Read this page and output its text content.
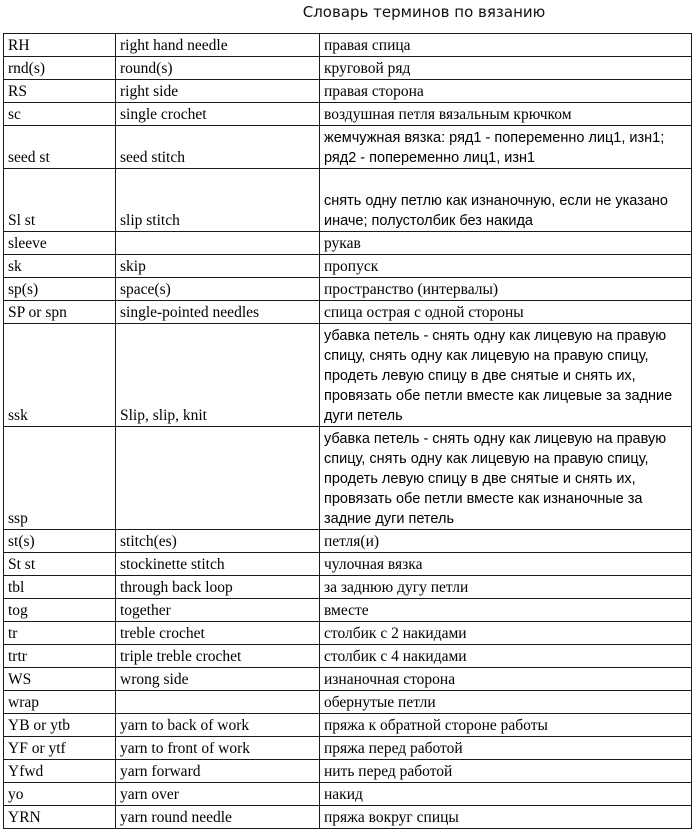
Словарь терминов по вязанию
RH	right hand needle	правая спица
rnd(s)	round(s)	круговой ряд
RS	right side	правая сторона
sc	single crochet	воздушная петля вязальным крючком
seed st	seed stitch	жемчужная вязка: ряд1 - попеременно лиц1, изн1; ряд2 - попеременно лиц1, изн1
Sl st	slip stitch	снять одну петлю как изнаночную, если не указано иначе; полустолбик без накида
sleeve		рукав
sk	skip	пропуск
sp(s)	space(s)	пространство (интервалы)
SP or spn	single-pointed needles	спица острая с одной стороны
ssk	Slip, slip, knit	убавка петель - снять одну как лицевую на правую спицу, снять одну как лицевую на правую спицу, продеть левую спицу в две снятые и снять их, провязать обе петли вместе как лицевые за задние дуги петель
ssp		убавка петель - снять одну как лицевую на правую спицу, снять одну как лицевую на правую спицу, продеть левую спицу в две снятые и снять их, провязать обе петли вместе как изнаночные за задние дуги петель
st(s)	stitch(es)	петля(и)
St st	stockinette stitch	чулочная вязка
tbl	through back loop	за заднюю дугу петли
tog	together	вместе
tr	treble crochet	столбик с 2 накидами
trtr	triple treble crochet	столбик с 4 накидами
WS	wrong side	изнаночная сторона
wrap		обернутые петли
YB or ytb	yarn to back of work	пряжа к обратной стороне работы
YF or ytf	yarn to front of work	пряжа перед работой
Yfwd	yarn forward	нить перед работой
yo	yarn over	накид
YRN	yarn round needle	пряжа вокруг спицы
